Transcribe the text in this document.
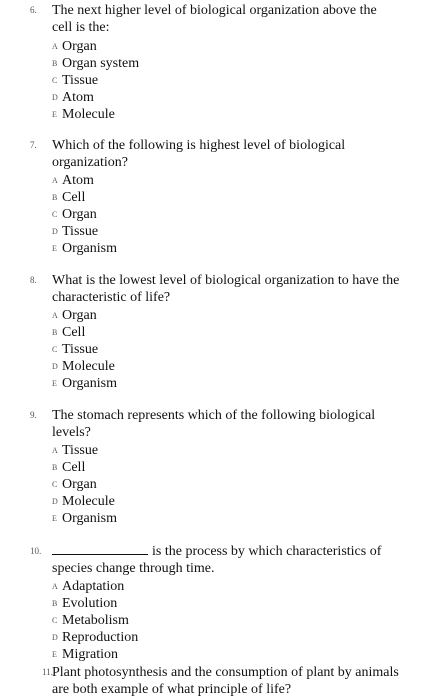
6. The next higher level of biological organization above the cell is the:
A Organ
B Organ system
C Tissue
D Atom
E Molecule
7. Which of the following is highest level of biological organization?
A Atom
B Cell
C Organ
D Tissue
E Organism
8. What is the lowest level of biological organization to have the characteristic of life?
A Organ
B Cell
C Tissue
D Molecule
E Organism
9. The stomach represents which of the following biological levels?
A Tissue
B Cell
C Organ
D Molecule
E Organism
10.	is the process by which characteristics of
species change through time.
A Adaptation
B Evolution
C Metabolism
D Reproduction
E Migration
11. Plant photosynthesis and the consumption of plant by animals are both example of what principle of life?
